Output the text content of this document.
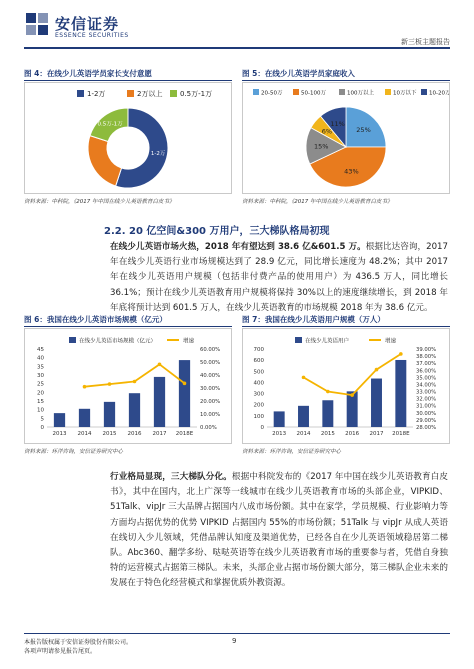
安信证券
ESSENCE SECURITIES
新三板主题报告
图 4：在线少儿英语学员家长支付意愿
1-2万	2万以上	0.5万-1万
1-2万
0.5万-1万
资料来源：中科院，《2017 年中国在线少儿英语教育白皮书》
图 5：在线少儿英语学员家庭收入
20-50万	50-100万	100万以上	10万以下 10-20万
25%
43%
15%
6%
11%
资料来源：中科院，《2017 年中国在线少儿英语教育白皮书》
2.2. 20 亿空间&300 万用户，三大梯队格局初现
在线少儿英语市场火热，2018 年有望达到 38.6 亿&601.5 万。根据比达咨询，2017 年在线少儿英语行业市场规模达到了 28.9 亿元，同比增长速度为 48.2%；其中 2017 年在线少儿英语用户规模（包括非付费产品的使用用户）为 436.5 万人，同比增长 36.1%；预计在线少儿英语教育用户规模将保持 30%以上的速度继续增长，到 2018 年年底将预计达到 601.5 万人，在线少儿英语教育的市场规模 2018 年为 38.6 亿元。
图 6：我国在线少儿英语市场规模（亿元）
在线少儿英语市场规模（亿元）	增速
0
5
10
15
20
25
30
35
40
45
0.00%
10.00%
20.00%
30.00%
40.00%
50.00%
60.00%
2013 2014 2015 2016 2017 2018E
资料来源：环洋咨询，安信证券研究中心
图 7：我国在线少儿英语用户规模（万人）
在线少儿英语用户	增速
0
100
200
300
400
500
600
700
28.00%
29.00%
30.00%
31.00%
32.00%
33.00%
34.00%
35.00%
36.00%
37.00%
38.00%
39.00%
2013 2014 2015 2016 2017 2018E
资料来源：环洋咨询，安信证券研究中心
行业格局显现，三大梯队分化。根据中科院发布的《2017 年中国在线少儿英语教育白皮书》，其中在国内，北上广深等一线城市在线少儿英语教育市场的头部企业，VIPKID、51Talk、vipJr 三大品牌占据国内八成市场份额。其中在家学，学员规模、行业影响力等方面均占据优势的优势 VIPKID 占据国内 55%的市场份额；51Talk 与 vipJr 从成人英语在线切入少儿领域，凭借品牌认知度及渠道优势，已经各自在少儿英语领域稳居第二梯队。Abc360、翻学多纷、哒哒英语等在线少儿英语教育市场的重要参与者，凭借自身独特的运营模式占据第三梯队。未来，头部企业占据市场份额大部分，第三梯队企业未来的发展在于特色化经营模式和掌握优质外教资源。
本报告版权属于安信证券股份有限公司。
各项声明请参见报告尾页。
9
